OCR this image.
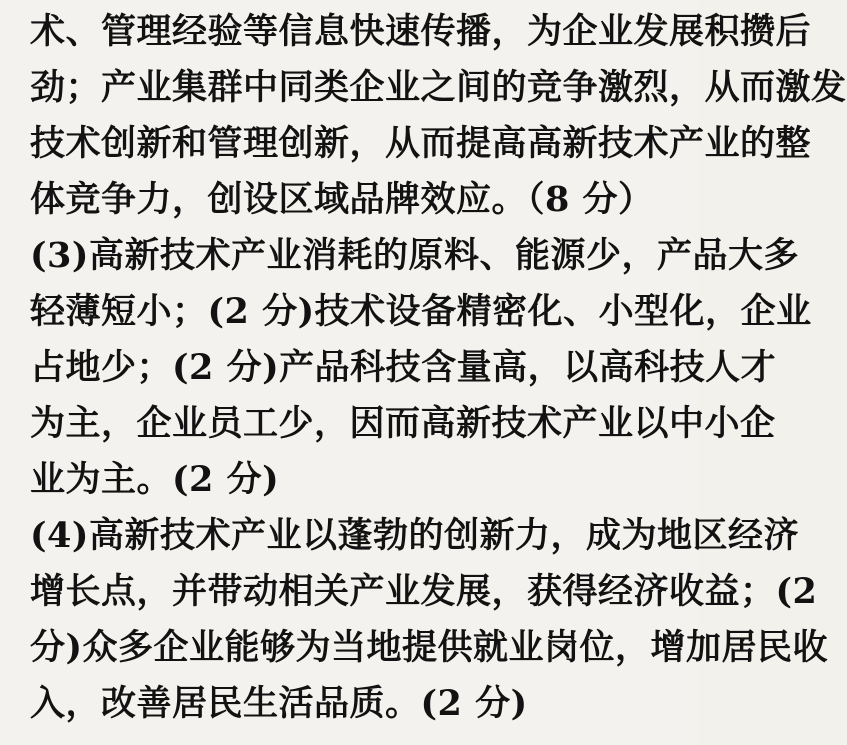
术、管理经验等信息快速传播，为企业发展积攒后
劲；产业集群中同类企业之间的竞争激烈，从而激发
技术创新和管理创新，从而提高高新技术产业的整
体竞争力，创设区域品牌效应。（8 分）
(3)高新技术产业消耗的原料、能源少，产品大多
轻薄短小；(2 分)技术设备精密化、小型化，企业
占地少；(2 分)产品科技含量高，以高科技人才
为主，企业员工少，因而高新技术产业以中小企
业为主。(2 分)
(4)高新技术产业以蓬勃的创新力，成为地区经济
增长点，并带动相关产业发展，获得经济收益；(2
分)众多企业能够为当地提供就业岗位，增加居民收
入，改善居民生活品质。(2 分)
